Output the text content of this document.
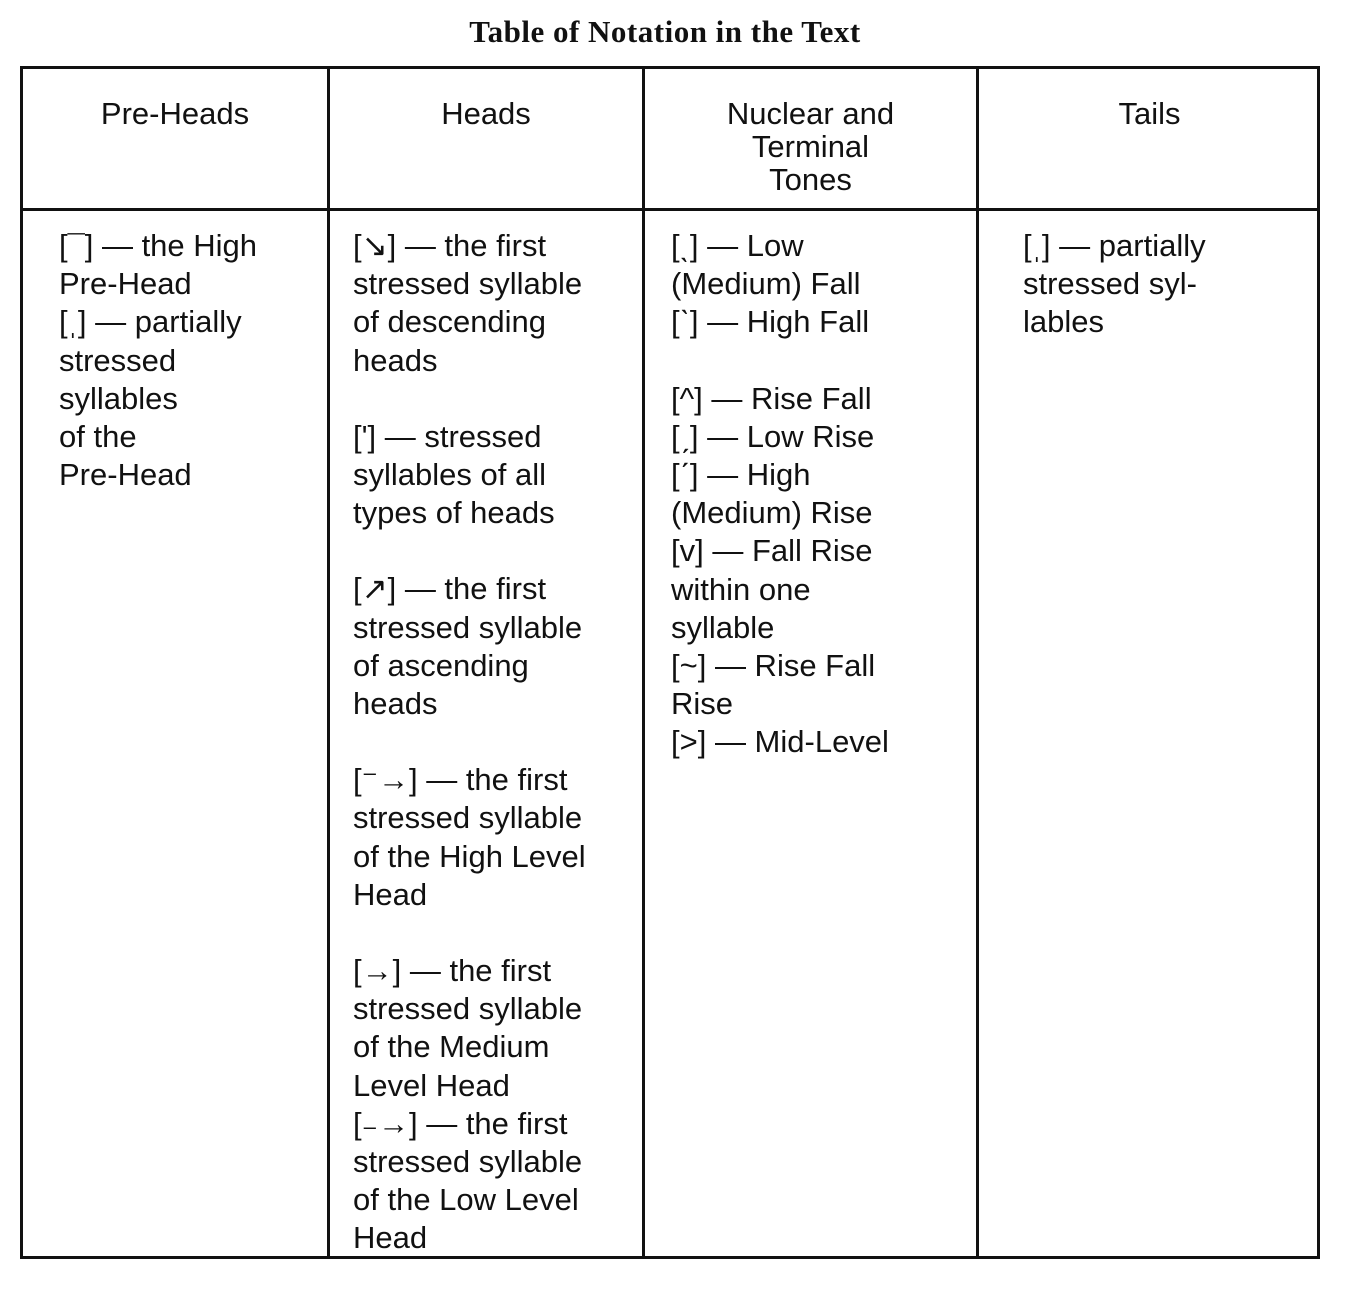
Table of Notation in the Text
Pre-Heads	Heads	Nuclear and
Terminal
Tones
Tails
[¯] — the High
Pre-Head
[ˌ] — partially
stressed
syllables
of the
Pre-Head
[↘] — the first
stressed syllable
of descending
heads
['] — stressed
syllables of all
types of heads
[↗] — the first
stressed syllable
of ascending
heads
[⁻→] — the first
stressed syllable
of the High Level
Head
[→] — the first
stressed syllable
of the Medium
Level Head
[₋→] — the first
stressed syllable
of the Low Level
Head
[ˎ] — Low
(Medium) Fall
[ˋ] — High Fall
[^] — Rise Fall
[ˏ] — Low Rise
[ˊ] — High
(Medium) Rise
[v] — Fall Rise
within one
syllable
[~] — Rise Fall
Rise
[>] — Mid-Level
[ˌ] — partially
stressed syl-
lables
